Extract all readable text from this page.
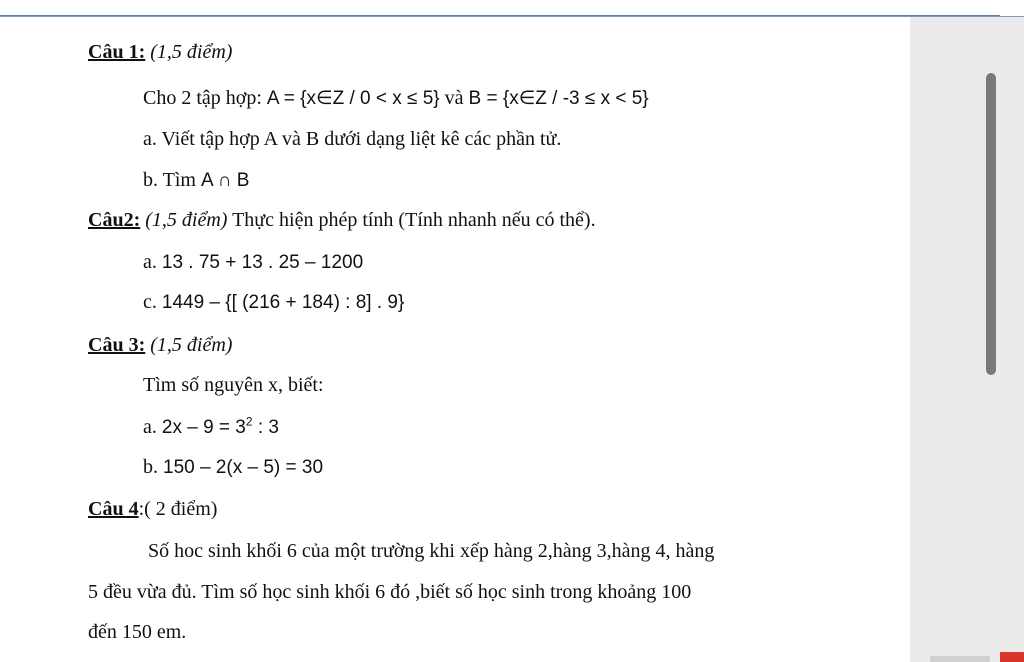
Câu 1: (1,5 điểm)
Cho 2 tập hợp: A = {x∈Z / 0 < x ≤ 5} và B = {x∈Z / -3 ≤ x < 5}
a. Viết tập hợp A và B dưới dạng liệt kê các phần tử.
b. Tìm A ∩ B
Câu2: (1,5 điểm) Thực hiện phép tính (Tính nhanh nếu có thể).
a. 13 . 75 + 13 . 25 – 1200
c. 1449 – {[ (216 + 184) : 8] . 9}
Câu 3: (1,5 điểm)
Tìm số nguyên x, biết:
a. $2x - 9 = 3^2$ : 3
b. 150 – 2(x – 5) = 30
Câu 4:( 2 điểm)
Số hoc sinh khối 6 của một trường khi xếp hàng 2,hàng 3,hàng 4, hàng
5 đều vừa đủ. Tìm số học sinh khối 6 đó ,biết số học sinh trong khoảng 100
đến 150 em.
